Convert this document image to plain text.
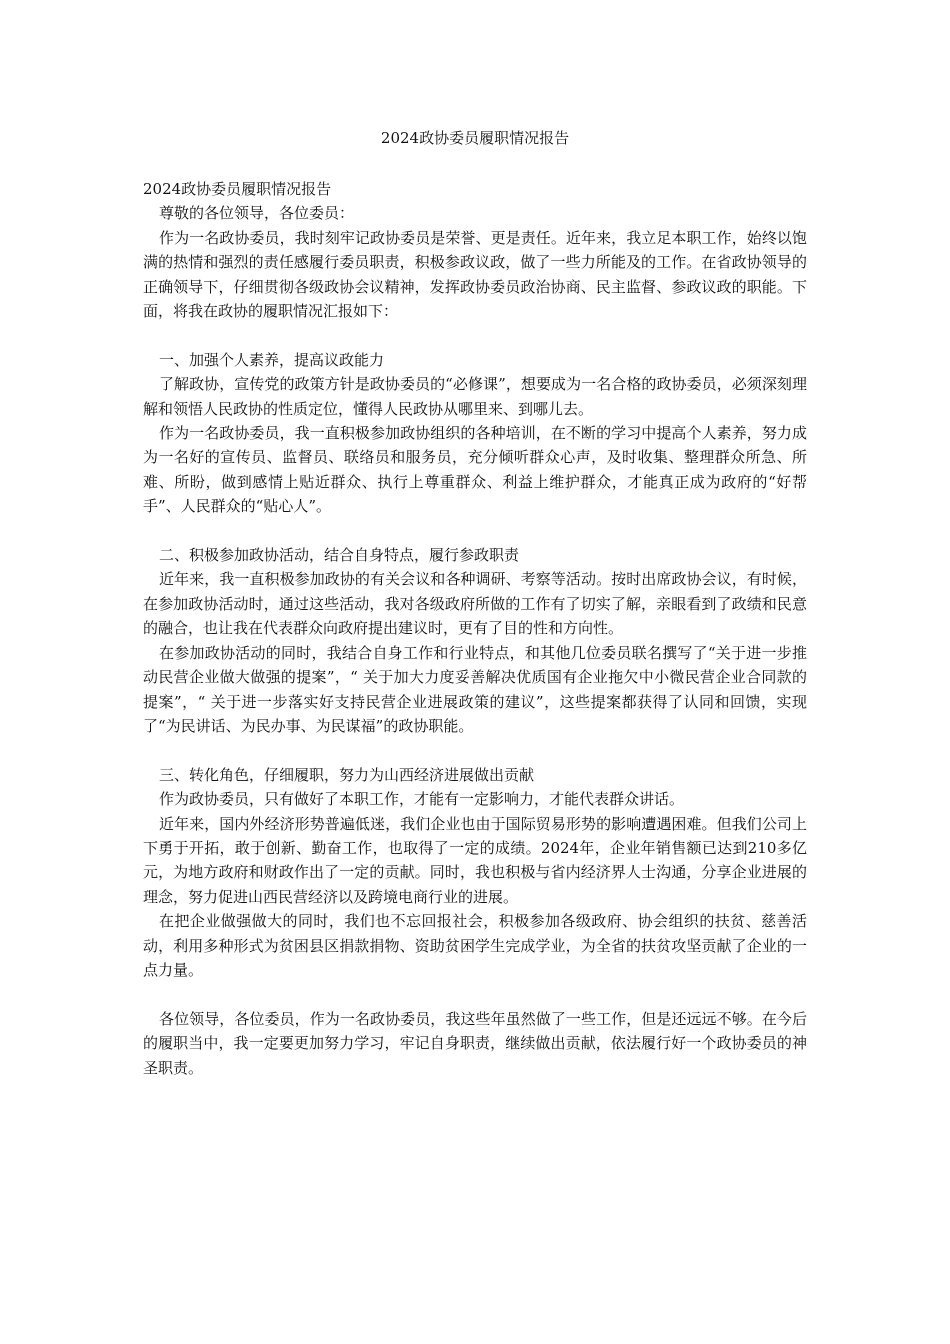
2024政协委员履职情况报告

2024政协委员履职情况报告

尊敬的各位领导，各位委员：

作为一名政协委员，我时刻牢记政协委员是荣誉、更是责任。近年来，我立足本职工作，始终以饱满的热情和强烈的责任感履行委员职责，积极参政议政，做了一些力所能及的工作。在省政协领导的正确领导下，仔细贯彻各级政协会议精神，发挥政协委员政治协商、民主监督、参政议政的职能。下面，将我在政协的履职情况汇报如下：

一、加强个人素养，提高议政能力

了解政协，宣传党的政策方针是政协委员的“必修课”，想要成为一名合格的政协委员，必须深刻理解和领悟人民政协的性质定位，懂得人民政协从哪里来、到哪儿去。

作为一名政协委员，我一直积极参加政协组织的各种培训，在不断的学习中提高个人素养，努力成为一名好的宣传员、监督员、联络员和服务员，充分倾听群众心声，及时收集、整理群众所急、所难、所盼，做到感情上贴近群众、执行上尊重群众、利益上维护群众，才能真正成为政府的“好帮手”、人民群众的“贴心人”。

二、积极参加政协活动，结合自身特点，履行参政职责

近年来，我一直积极参加政协的有关会议和各种调研、考察等活动。按时出席政协会议，有时候，在参加政协活动时，通过这些活动，我对各级政府所做的工作有了切实了解，亲眼看到了政绩和民意的融合，也让我在代表群众向政府提出建议时，更有了目的性和方向性。

在参加政协活动的同时，我结合自身工作和行业特点，和其他几位委员联名撰写了“关于进一步推动民营企业做大做强的提案”，“ 关于加大力度妥善解决优质国有企业拖欠中小微民营企业合同款的提案”，“ 关于进一步落实好支持民营企业进展政策的建议”，这些提案都获得了认同和回馈，实现了“为民讲话、为民办事、为民谋福”的政协职能。

三、转化角色，仔细履职，努力为山西经济进展做出贡献

作为政协委员，只有做好了本职工作，才能有一定影响力，才能代表群众讲话。

近年来，国内外经济形势普遍低迷，我们企业也由于国际贸易形势的影响遭遇困难。但我们公司上下勇于开拓，敢于创新、勤奋工作，也取得了一定的成绩。2024年，企业年销售额已达到210多亿元，为地方政府和财政作出了一定的贡献。同时，我也积极与省内经济界人士沟通，分享企业进展的理念，努力促进山西民营经济以及跨境电商行业的进展。

在把企业做强做大的同时，我们也不忘回报社会，积极参加各级政府、协会组织的扶贫、慈善活动，利用多种形式为贫困县区捐款捐物、资助贫困学生完成学业，为全省的扶贫攻坚贡献了企业的一点力量。

各位领导，各位委员，作为一名政协委员，我这些年虽然做了一些工作，但是还远远不够。在今后的履职当中，我一定要更加努力学习，牢记自身职责，继续做出贡献，依法履行好一个政协委员的神圣职责。
